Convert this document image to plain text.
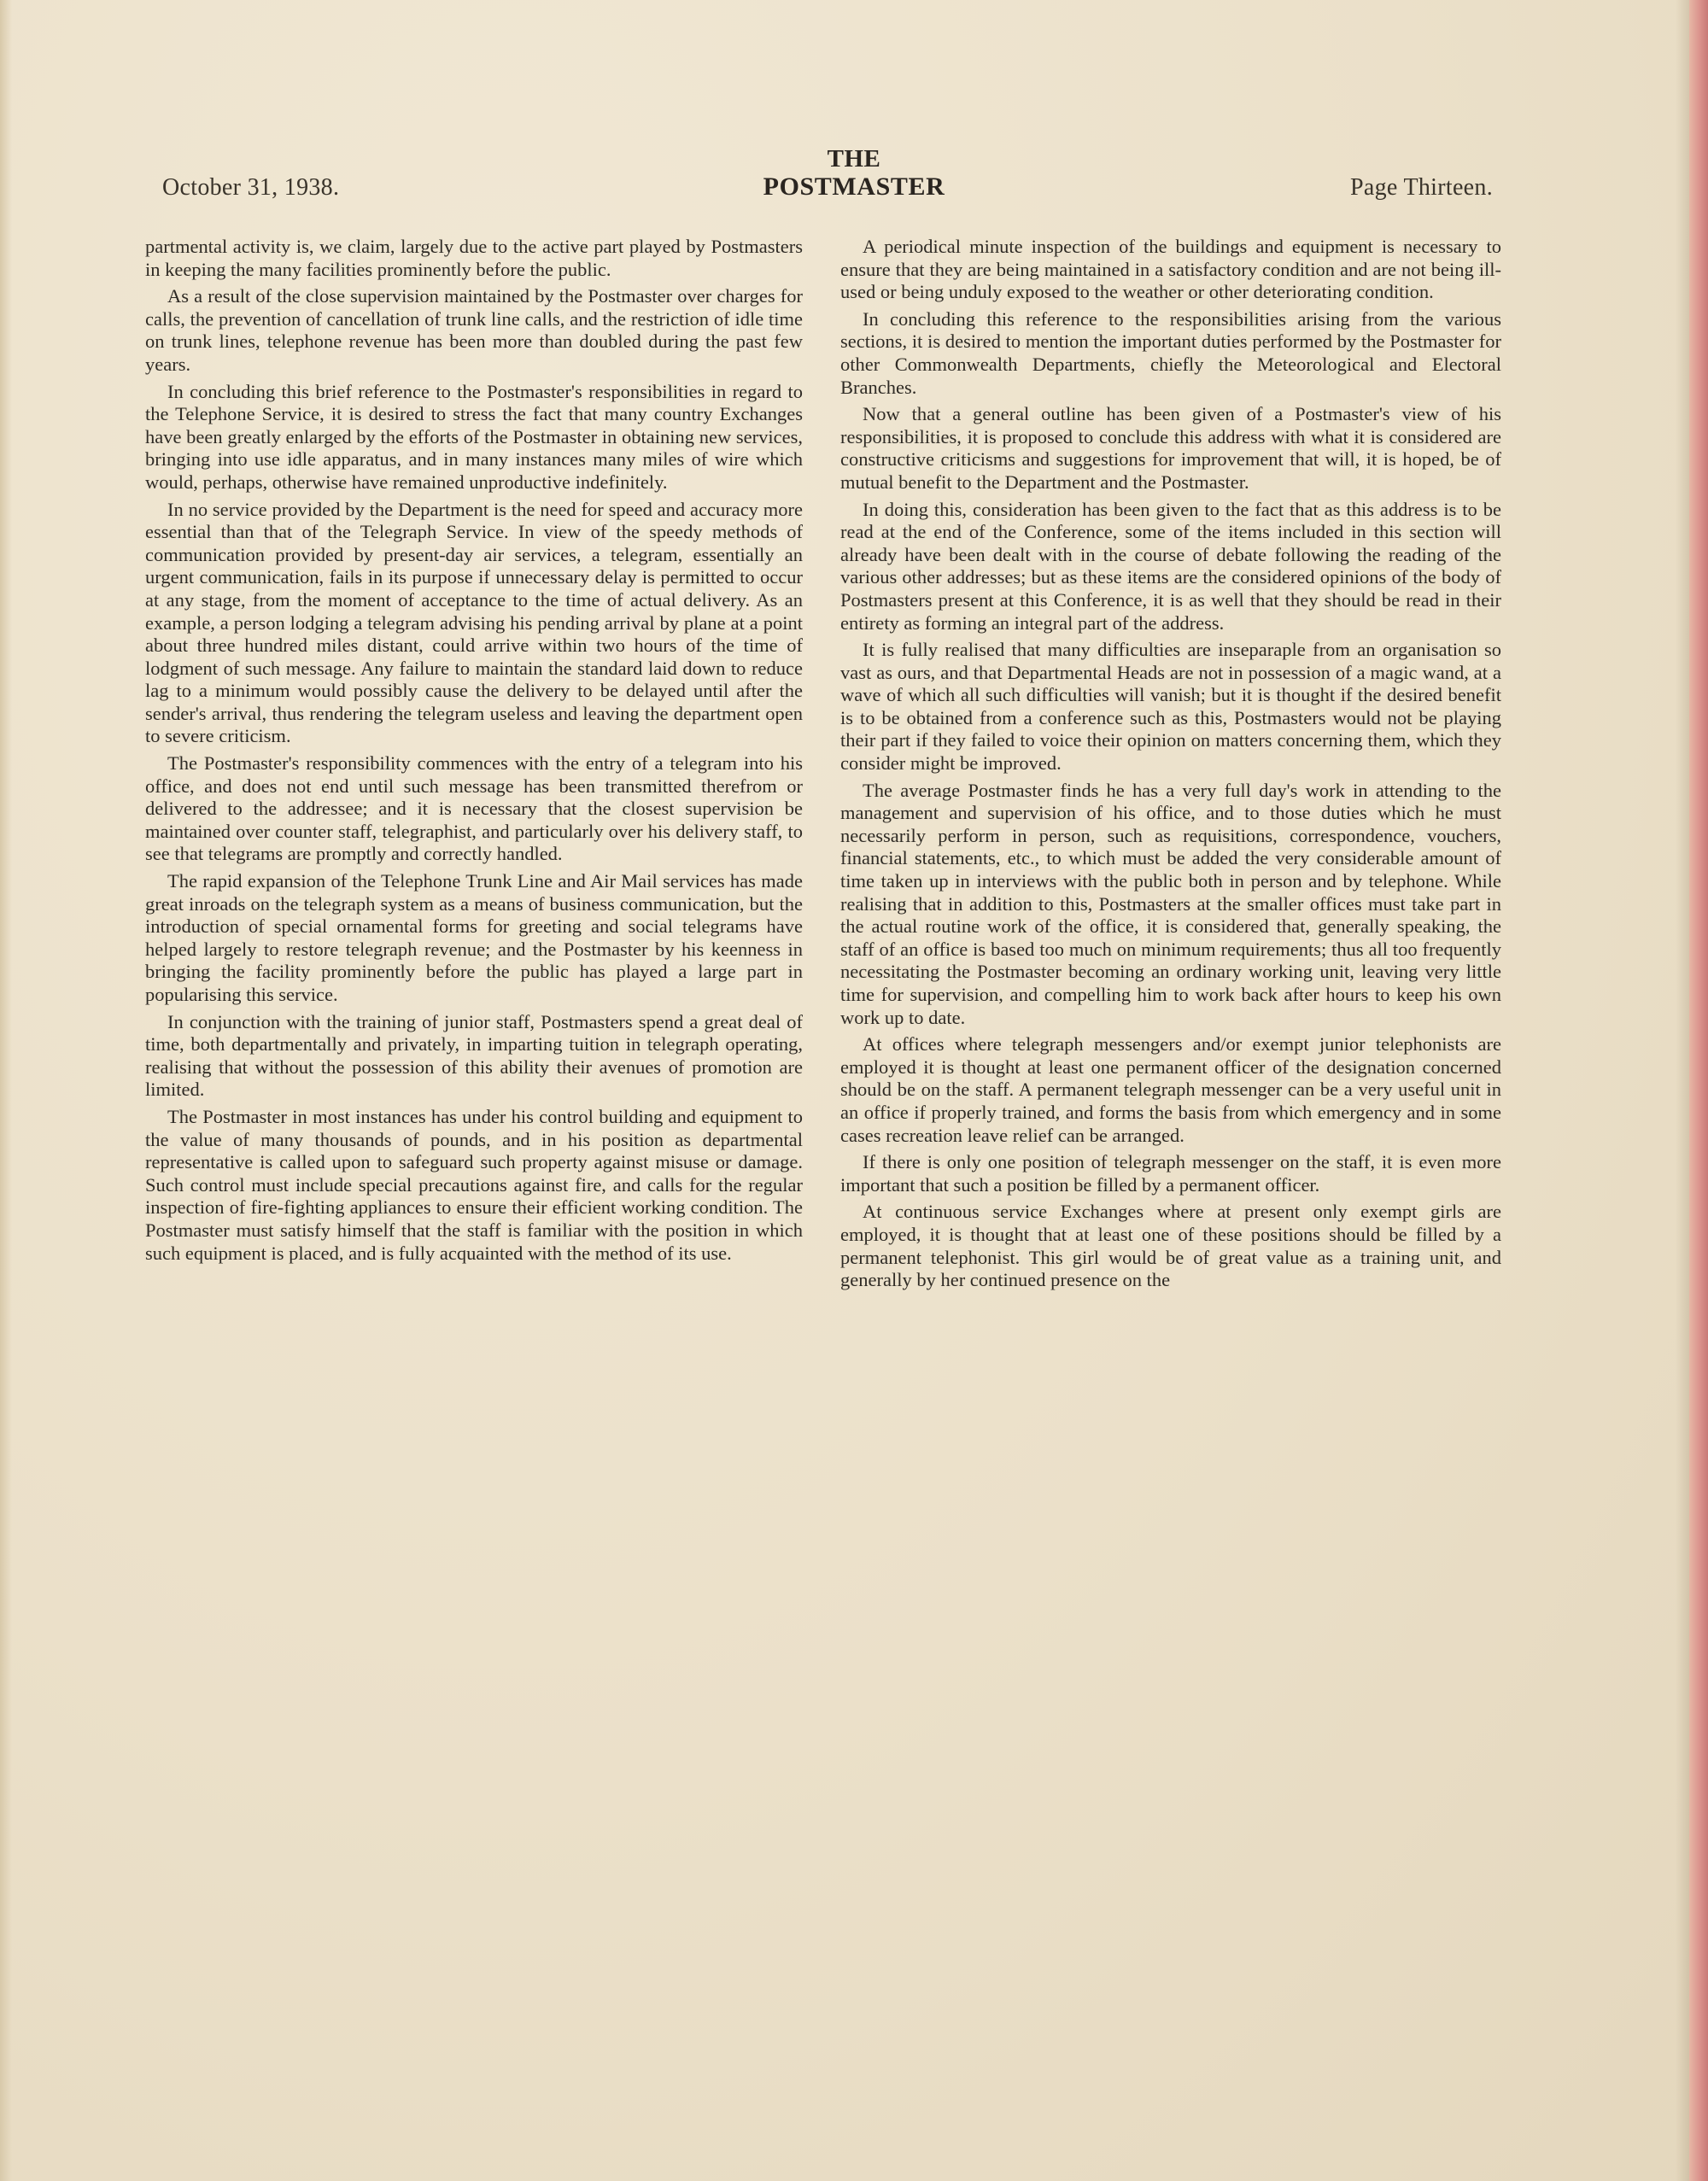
October 31, 1938.
THE
POSTMASTER	Page Thirteen.

partmental activity is, we claim, largely due to the active part played by Postmasters in keeping the many facilities prominently before the public.

As a result of the close supervision maintained by the Postmaster over charges for calls, the prevention of cancellation of trunk line calls, and the restriction of idle time on trunk lines, telephone revenue has been more than doubled during the past few years.

In concluding this brief reference to the Postmaster's responsibilities in regard to the Telephone Service, it is desired to stress the fact that many country Exchanges have been greatly enlarged by the efforts of the Postmaster in obtaining new services, bringing into use idle apparatus, and in many instances many miles of wire which would, perhaps, otherwise have remained unproductive indefinitely.

In no service provided by the Department is the need for speed and accuracy more essential than that of the Telegraph Service. In view of the speedy methods of communication provided by present-day air services, a telegram, essentially an urgent communication, fails in its purpose if unnecessary delay is permitted to occur at any stage, from the moment of acceptance to the time of actual delivery. As an example, a person lodging a telegram advising his pending arrival by plane at a point about three hundred miles distant, could arrive within two hours of the time of lodgment of such message. Any failure to maintain the standard laid down to reduce lag to a minimum would possibly cause the delivery to be delayed until after the sender's arrival, thus rendering the telegram useless and leaving the department open to severe criticism.

The Postmaster's responsibility commences with the entry of a telegram into his office, and does not end until such message has been transmitted therefrom or delivered to the addressee; and it is necessary that the closest supervision be maintained over counter staff, telegraphist, and particularly over his delivery staff, to see that telegrams are promptly and correctly handled.

The rapid expansion of the Telephone Trunk Line and Air Mail services has made great inroads on the telegraph system as a means of business communication, but the introduction of special ornamental forms for greeting and social telegrams have helped largely to restore telegraph revenue; and the Postmaster by his keenness in bringing the facility prominently before the public has played a large part in popularising this service.

In conjunction with the training of junior staff, Postmasters spend a great deal of time, both departmentally and privately, in imparting tuition in telegraph operating, realising that without the possession of this ability their avenues of promotion are limited.

The Postmaster in most instances has under his control building and equipment to the value of many thousands of pounds, and in his position as departmental representative is called upon to safeguard such property against misuse or damage. Such control must include special precautions against fire, and calls for the regular inspection of fire-fighting appliances to ensure their efficient working condition. The Postmaster must satisfy himself that the staff is familiar with the position in which such equipment is placed, and is fully acquainted with the method of its use.

A periodical minute inspection of the buildings and equipment is necessary to ensure that they are being maintained in a satisfactory condition and are not being ill-used or being unduly exposed to the weather or other deteriorating condition.

In concluding this reference to the responsibilities arising from the various sections, it is desired to mention the important duties performed by the Postmaster for other Commonwealth Departments, chiefly the Meteorological and Electoral Branches.

Now that a general outline has been given of a Postmaster's view of his responsibilities, it is proposed to conclude this address with what it is considered are constructive criticisms and suggestions for improvement that will, it is hoped, be of mutual benefit to the Department and the Postmaster.

In doing this, consideration has been given to the fact that as this address is to be read at the end of the Conference, some of the items included in this section will already have been dealt with in the course of debate following the reading of the various other addresses; but as these items are the considered opinions of the body of Postmasters present at this Conference, it is as well that they should be read in their entirety as forming an integral part of the address.

It is fully realised that many difficulties are inseparaple from an organisation so vast as ours, and that Departmental Heads are not in possession of a magic wand, at a wave of which all such difficulties will vanish; but it is thought if the desired benefit is to be obtained from a conference such as this, Postmasters would not be playing their part if they failed to voice their opinion on matters concerning them, which they consider might be improved.

The average Postmaster finds he has a very full day's work in attending to the management and supervision of his office, and to those duties which he must necessarily perform in person, such as requisitions, correspondence, vouchers, financial statements, etc., to which must be added the very considerable amount of time taken up in interviews with the public both in person and by telephone. While realising that in addition to this, Postmasters at the smaller offices must take part in the actual routine work of the office, it is considered that, generally speaking, the staff of an office is based too much on minimum requirements; thus all too frequently necessitating the Postmaster becoming an ordinary working unit, leaving very little time for supervision, and compelling him to work back after hours to keep his own work up to date.

At offices where telegraph messengers and/or exempt junior telephonists are employed it is thought at least one permanent officer of the designation concerned should be on the staff. A permanent telegraph messenger can be a very useful unit in an office if properly trained, and forms the basis from which emergency and in some cases recreation leave relief can be arranged.

If there is only one position of telegraph messenger on the staff, it is even more important that such a position be filled by a permanent officer.

At continuous service Exchanges where at present only exempt girls are employed, it is thought that at least one of these positions should be filled by a permanent telephonist. This girl would be of great value as a training unit, and generally by her continued presence on the
